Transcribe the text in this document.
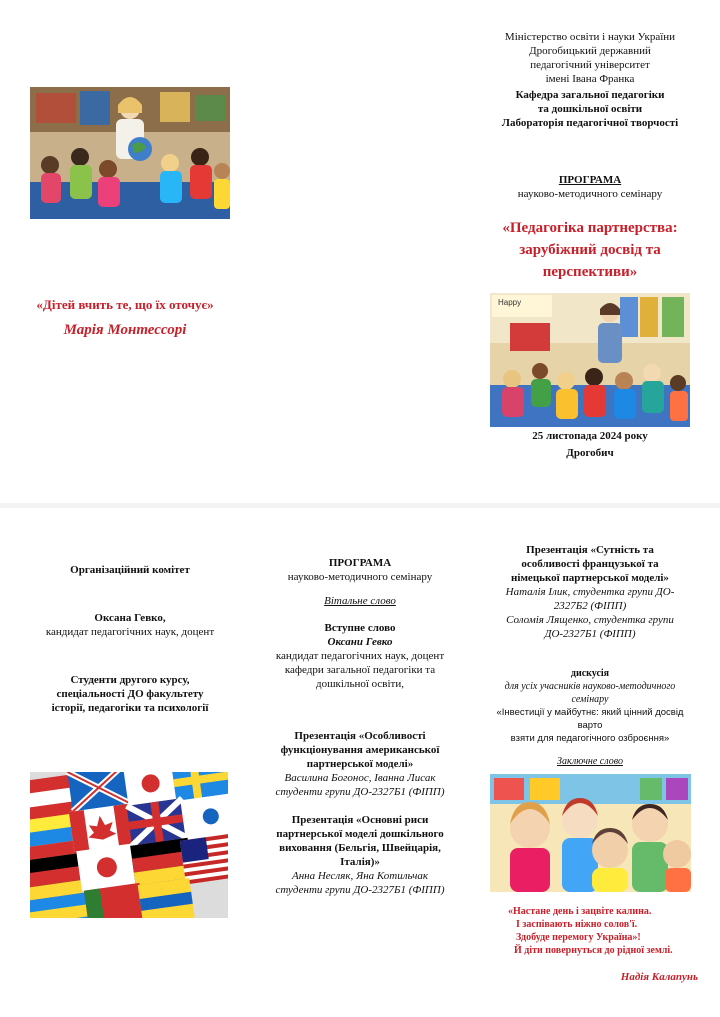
«Дітей вчить те, що їх оточує»
Марія Монтессорі
Міністерство освіти і науки України
Дрогобицький державний
педагогічний університет
імені Івана Франка
Кафедра загальної педагогіки
та дошкільної освіти
Лабораторія педагогічної творчості
ПРОГРАМА
науково-методичного семінару
«Педагогіка партнерства:
зарубіжний досвід та
перспективи»
Happy
25 листопада 2024 року
Дрогобич
Організаційний комітет
Оксана Гевко,
кандидат педагогічних наук, доцент
Студенти другого курсу,
спеціальності ДО факультету
історії, педагогіки та психології
ПРОГРАМА
науково-методичного семінару
Вітальне слово
Вступне слово
Оксани Гевко
кандидат педагогічних наук, доцент
кафедри загальної педагогіки та
дошкільної освіти,
Презентація «Особливості
функціонування американської
партнерської моделі»
Василина Богонос, Іванна Лисак
студенти групи ДО-2327Б1 (ФІПП)
Презентація «Основні риси
партнерської моделі дошкільного
виховання (Бельгія, Швейцарія,
Італія)»
Анна Несляк, Яна Котильчак
студенти групи ДО-2327Б1 (ФІПП)
Презентація «Сутність та
особливості французької та
німецької партнерської моделі»
Наталія Ілик, студентка групи ДО-
2327Б2 (ФІПП)
Соломія Лященко, студентка групи
ДО-2327Б1 (ФІПП)
дискусія
для усіх учасників науково-методичного
семінару
«Інвестиції у майбутнє: який цінний досвід
варто
взяти для педагогічного озброєння»
Заключне слово
«Настане день і зацвіте калина.
І заспівають ніжно солов'ї.
Здобуде перемогу Україна»!
Й діти повернуться до рідної землі.
Надія Калапунь
